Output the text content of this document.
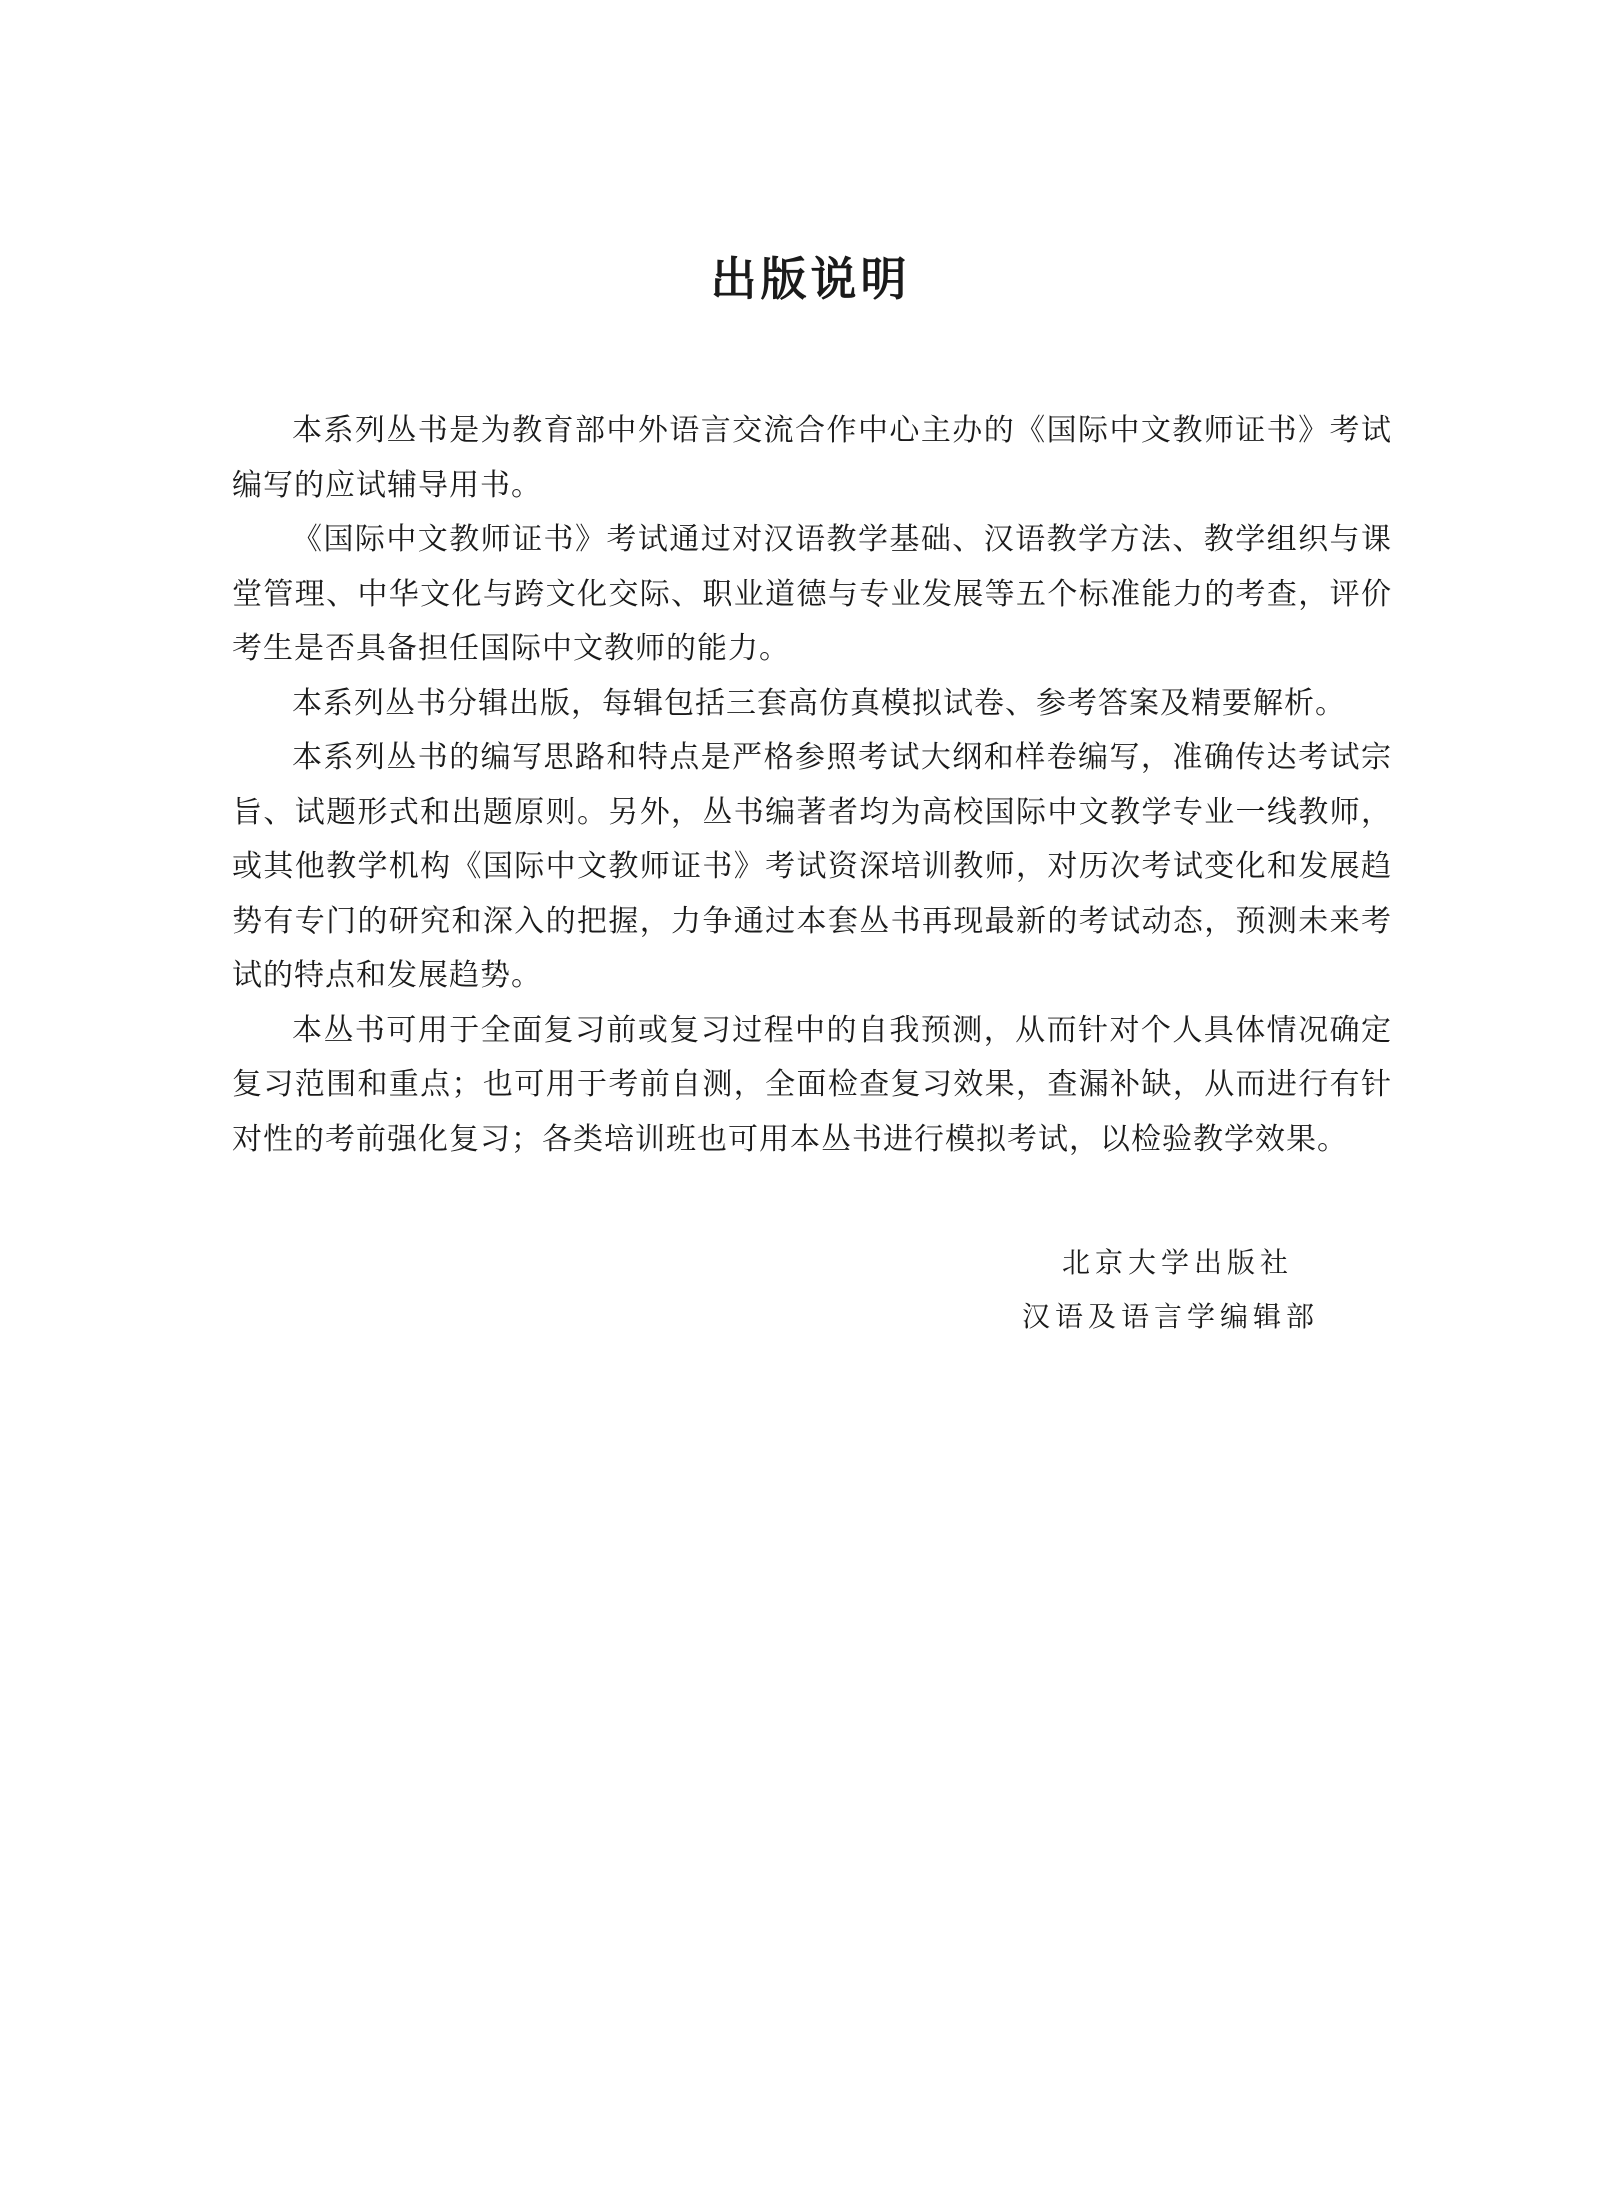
出版说明

本系列丛书是为教育部中外语言交流合作中心主办的《国际中文教师证书》考试编写的应试辅导用书。

《国际中文教师证书》考试通过对汉语教学基础、汉语教学方法、教学组织与课堂管理、中华文化与跨文化交际、职业道德与专业发展等五个标准能力的考查，评价考生是否具备担任国际中文教师的能力。

本系列丛书分辑出版，每辑包括三套高仿真模拟试卷、参考答案及精要解析。

本系列丛书的编写思路和特点是严格参照考试大纲和样卷编写，准确传达考试宗旨、试题形式和出题原则。另外，丛书编著者均为高校国际中文教学专业一线教师，或其他教学机构《国际中文教师证书》考试资深培训教师，对历次考试变化和发展趋势有专门的研究和深入的把握，力争通过本套丛书再现最新的考试动态，预测未来考试的特点和发展趋势。

本丛书可用于全面复习前或复习过程中的自我预测，从而针对个人具体情况确定复习范围和重点；也可用于考前自测，全面检查复习效果，查漏补缺，从而进行有针对性的考前强化复习；各类培训班也可用本丛书进行模拟考试，以检验教学效果。

北京大学出版社
汉语及语言学编辑部
